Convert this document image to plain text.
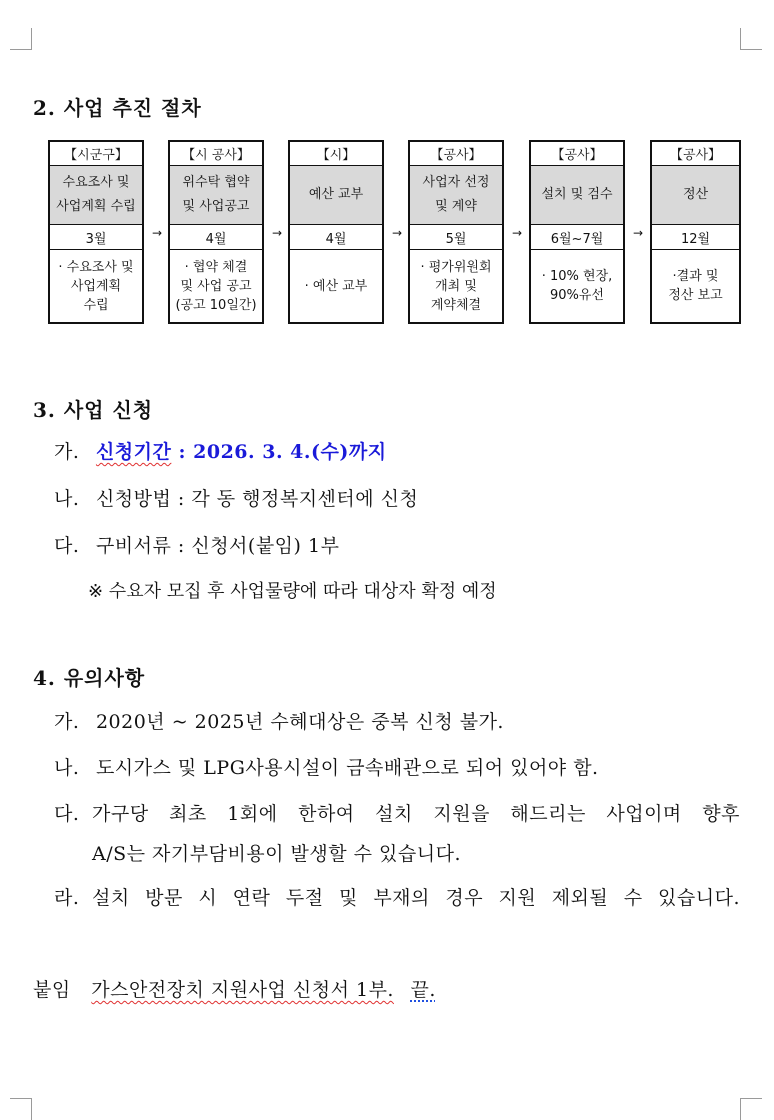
2. 사업 추진 절차
【시군구】
수요조사 및
사업계획 수립
3월
· 수요조사 및
사업계획
수립
→
【시 공사】
위수탁 협약
및 사업공고
4월
· 협약 체결
및 사업 공고
(공고 10일간)
→
【시】
예산 교부
4월
· 예산 교부
→
【공사】
사업자 선정
및 계약
5월
· 평가위원회
개최 및
계약체결
→
【공사】
설치 및 검수
6월~7월
· 10% 현장,
90%유선
→
【공사】
정산
12월
·결과 및
정산 보고
3. 사업 신청
가. 신청기간 : 2026. 3. 4.(수)까지
나. 신청방법 : 각 동 행정복지센터에 신청
다. 구비서류 : 신청서(붙임) 1부
※ 수요자 모집 후 사업물량에 따라 대상자 확정 예정
4. 유의사항
가. 2020년 ~ 2025년 수혜대상은 중복 신청 불가.
나. 도시가스 및 LPG사용시설이 금속배관으로 되어 있어야 함.
다. 가구당 최초 1회에 한하여 설치 지원을 해드리는 사업이며 향후
A/S는 자기부담비용이 발생할 수 있습니다.
라. 설치 방문 시 연락 두절 및 부재의 경우 지원 제외될 수 있습니다.
붙임 가스안전장치 지원사업 신청서 1부. 끝.
